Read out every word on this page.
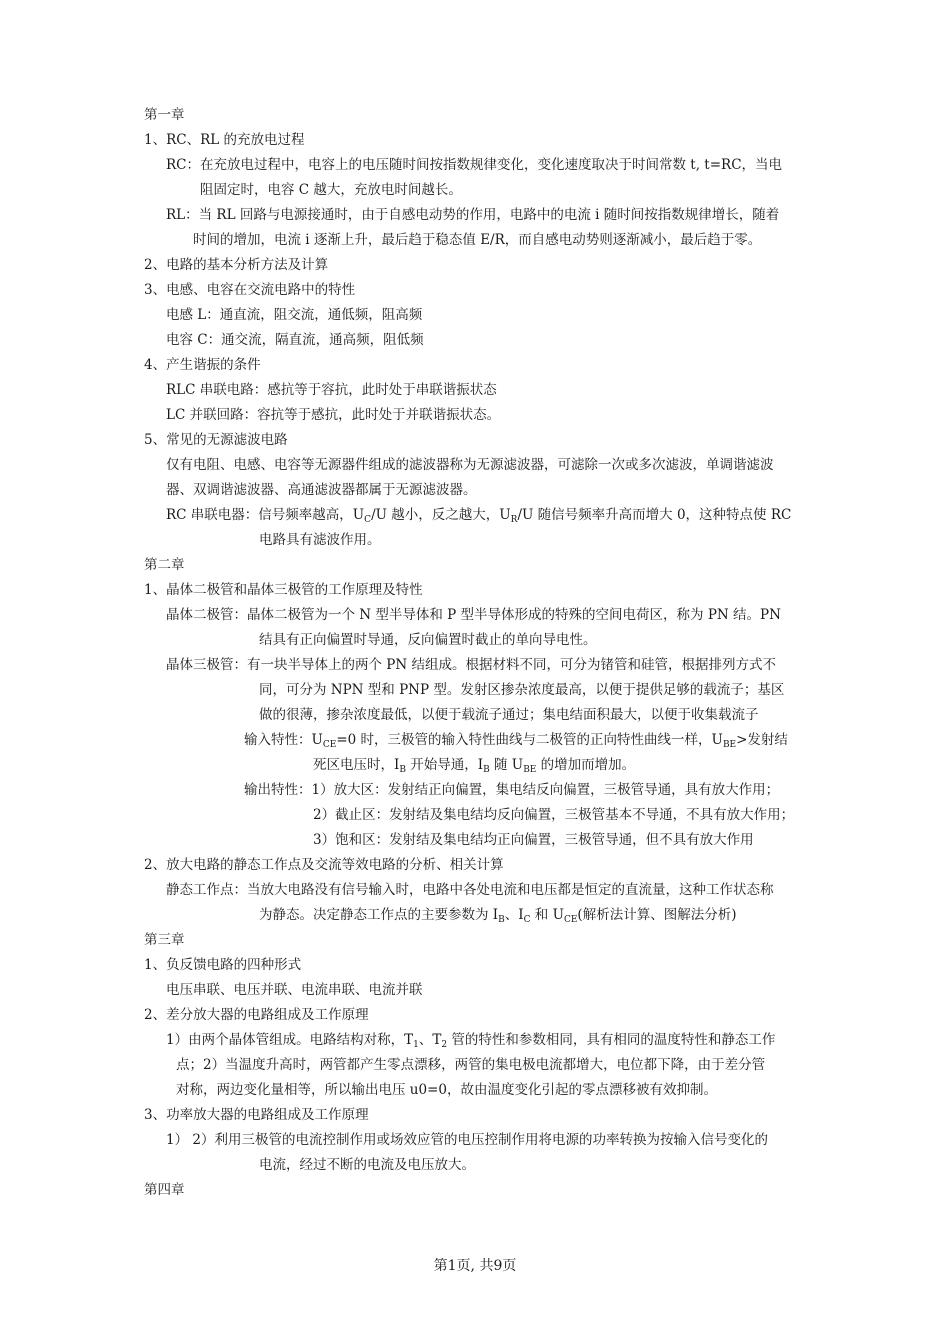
第一章
1、RC、RL 的充放电过程
RC：在充放电过程中，电容上的电压随时间按指数规律变化，变化速度取决于时间常数 t, t=RC，当电
阻固定时，电容 C 越大，充放电时间越长。
RL：当 RL 回路与电源接通时，由于自感电动势的作用，电路中的电流 i 随时间按指数规律增长，随着
时间的增加，电流 i 逐渐上升，最后趋于稳态值 E/R，而自感电动势则逐渐减小，最后趋于零。
2、电路的基本分析方法及计算
3、电感、电容在交流电路中的特性
电感 L：通直流，阻交流，通低频，阻高频
电容 C：通交流，隔直流，通高频，阻低频
4、产生谐振的条件
RLC 串联电路：感抗等于容抗，此时处于串联谐振状态
LC 并联回路：容抗等于感抗，此时处于并联谐振状态。
5、常见的无源滤波电路
仅有电阻、电感、电容等无源器件组成的滤波器称为无源滤波器，可滤除一次或多次滤波，单调谐滤波
器、双调谐滤波器、高通滤波器都属于无源滤波器。
RC 串联电器：信号频率越高，$U_C/U$ 越小，反之越大，$U_R/U$ 随信号频率升高而增大 0，这种特点使 RC
电路具有滤波作用。
第二章
1、晶体二极管和晶体三极管的工作原理及特性
晶体二极管：晶体二极管为一个 N 型半导体和 P 型半导体形成的特殊的空间电荷区，称为 PN 结。PN
结具有正向偏置时导通，反向偏置时截止的单向导电性。
晶体三极管：有一块半导体上的两个 PN 结组成。根据材料不同，可分为锗管和硅管，根据排列方式不
同，可分为 NPN 型和 PNP 型。发射区掺杂浓度最高，以便于提供足够的载流子；基区
做的很薄，掺杂浓度最低，以便于载流子通过；集电结面积最大，以便于收集载流子
输入特性：$U_{CE}=0$ 时，三极管的输入特性曲线与二极管的正向特性曲线一样，$U_{BE}>$发射结
死区电压时，$I_B$ 开始导通，$I_B$ 随 $U_{BE}$ 的增加而增加。
输出特性：1）放大区：发射结正向偏置，集电结反向偏置，三极管导通，具有放大作用；
2）截止区：发射结及集电结均反向偏置，三极管基本不导通，不具有放大作用；
3）饱和区：发射结及集电结均正向偏置，三极管导通，但不具有放大作用
2、放大电路的静态工作点及交流等效电路的分析、相关计算
静态工作点：当放大电路没有信号输入时，电路中各处电流和电压都是恒定的直流量，这种工作状态称
为静态。决定静态工作点的主要参数为 $I_B$、$I_C$ 和 $U_{CE}$(解析法计算、图解法分析)
第三章
1、负反馈电路的四种形式
电压串联、电压并联、电流串联、电流并联
2、差分放大器的电路组成及工作原理
1）由两个晶体管组成。电路结构对称，$T_1$、$T_2$ 管的特性和参数相同，具有相同的温度特性和静态工作
点；2）当温度升高时，两管都产生零点漂移，两管的集电极电流都增大，电位都下降，由于差分管
对称，两边变化量相等，所以输出电压 u0=0，故由温度变化引起的零点漂移被有效抑制。
3、功率放大器的电路组成及工作原理
1） 2）利用三极管的电流控制作用或场效应管的电压控制作用将电源的功率转换为按输入信号变化的
电流，经过不断的电流及电压放大。
第四章
第1页, 共9页
